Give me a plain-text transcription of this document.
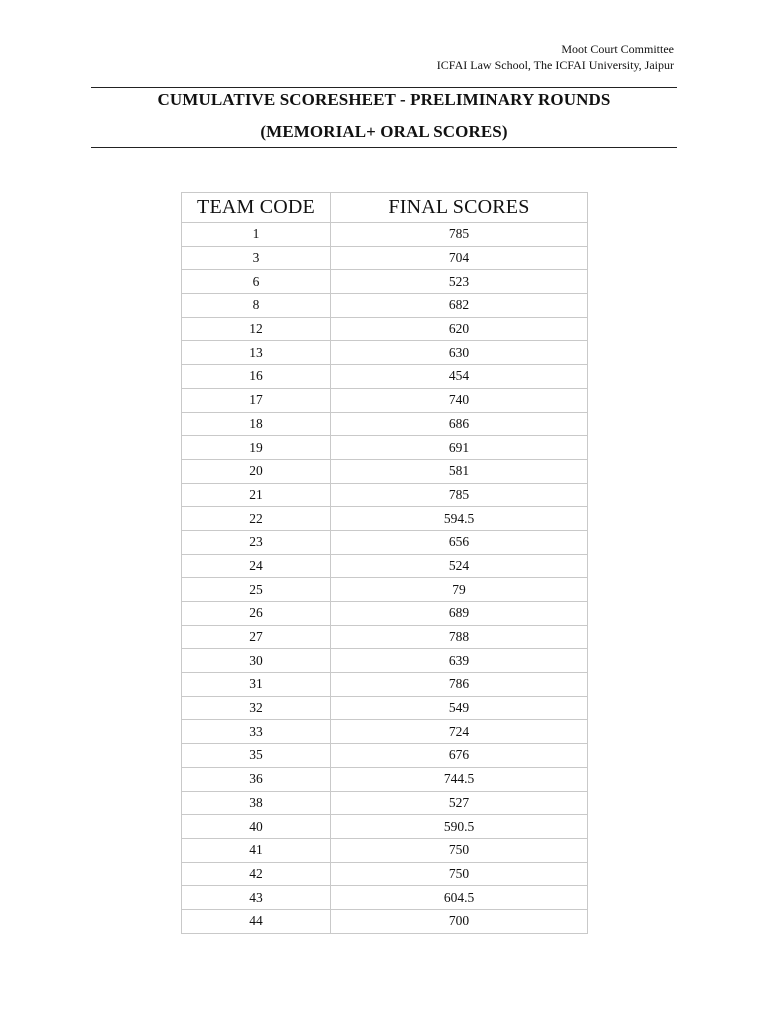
Moot Court Committee
ICFAI Law School, The ICFAI University, Jaipur
CUMULATIVE SCORESHEET - PRELIMINARY ROUNDS
(MEMORIAL+ ORAL SCORES)
TEAM CODE	FINAL SCORES
1	785
3	704
6	523
8	682
12	620
13	630
16	454
17	740
18	686
19	691
20	581
21	785
22	594.5
23	656
24	524
25	79
26	689
27	788
30	639
31	786
32	549
33	724
35	676
36	744.5
38	527
40	590.5
41	750
42	750
43	604.5
44	700
